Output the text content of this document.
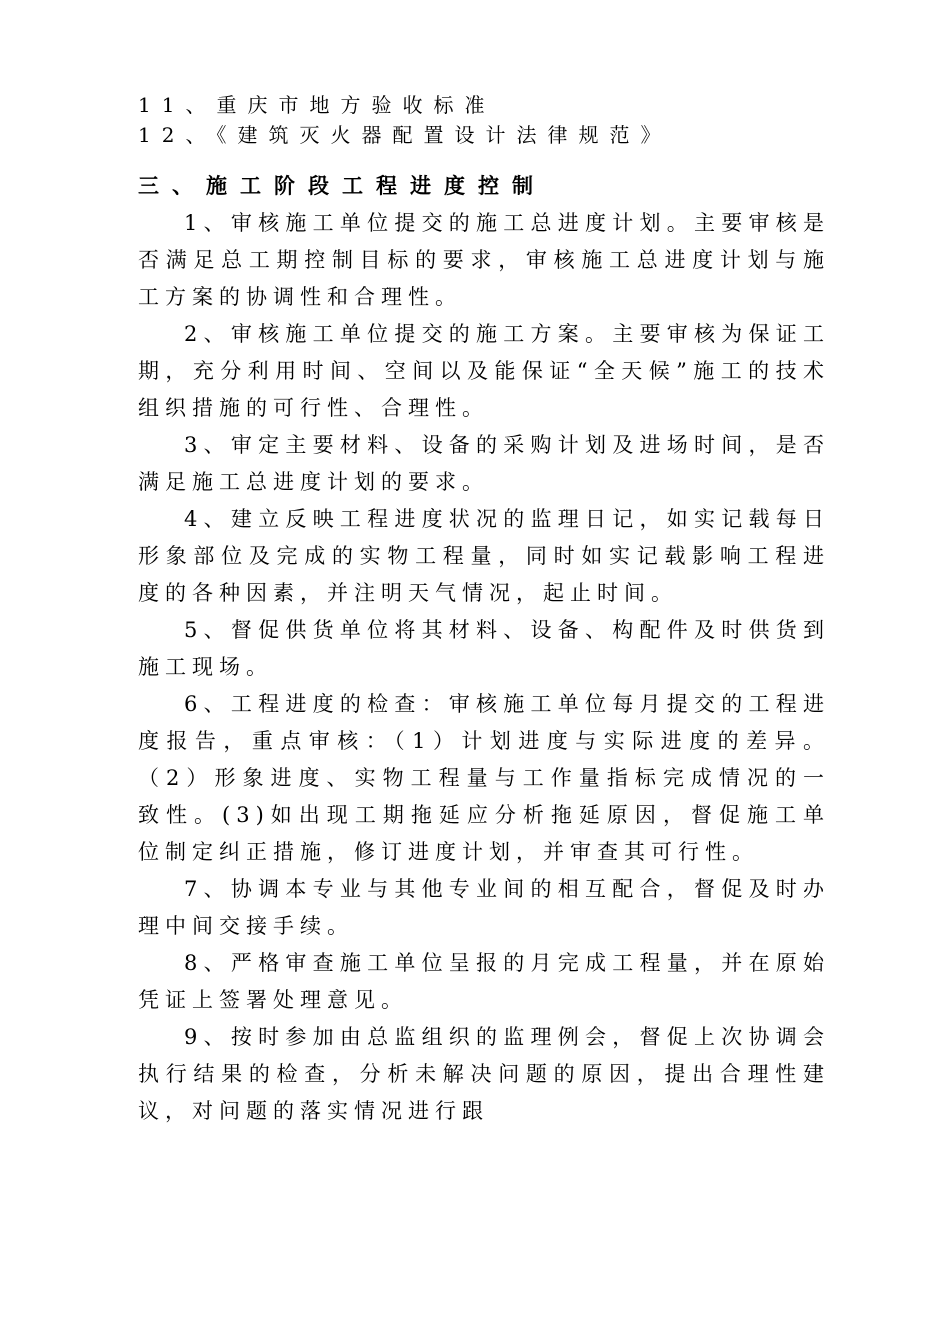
11、重庆市地方验收标准
12、《建筑灭火器配置设计法律规范》
三、施工阶段工程进度控制

1、审核施工单位提交的施工总进度计划。主要审核是否满足总工期控制目标的要求，审核施工总进度计划与施工方案的协调性和合理性。

2、审核施工单位提交的施工方案。主要审核为保证工期，充分利用时间、空间以及能保证“全天候”施工的技术组织措施的可行性、合理性。

3、审定主要材料、设备的采购计划及进场时间，是否满足施工总进度计划的要求。

4、建立反映工程进度状况的监理日记，如实记载每日形象部位及完成的实物工程量，同时如实记载影响工程进度的各种因素，并注明天气情况，起止时间。

5、督促供货单位将其材料、设备、构配件及时供货到施工现场。

6、工程进度的检查：审核施工单位每月提交的工程进度报告，重点审核：（1）计划进度与实际进度的差异。（2）形象进度、实物工程量与工作量指标完成情况的一致性。(3)如出现工期拖延应分析拖延原因，督促施工单位制定纠正措施，修订进度计划，并审查其可行性。

7、协调本专业与其他专业间的相互配合，督促及时办理中间交接手续。

8、严格审查施工单位呈报的月完成工程量，并在原始凭证上签署处理意见。

9、按时参加由总监组织的监理例会，督促上次协调会执行结果的检查，分析未解决问题的原因，提出合理性建议，对问题的落实情况进行跟
